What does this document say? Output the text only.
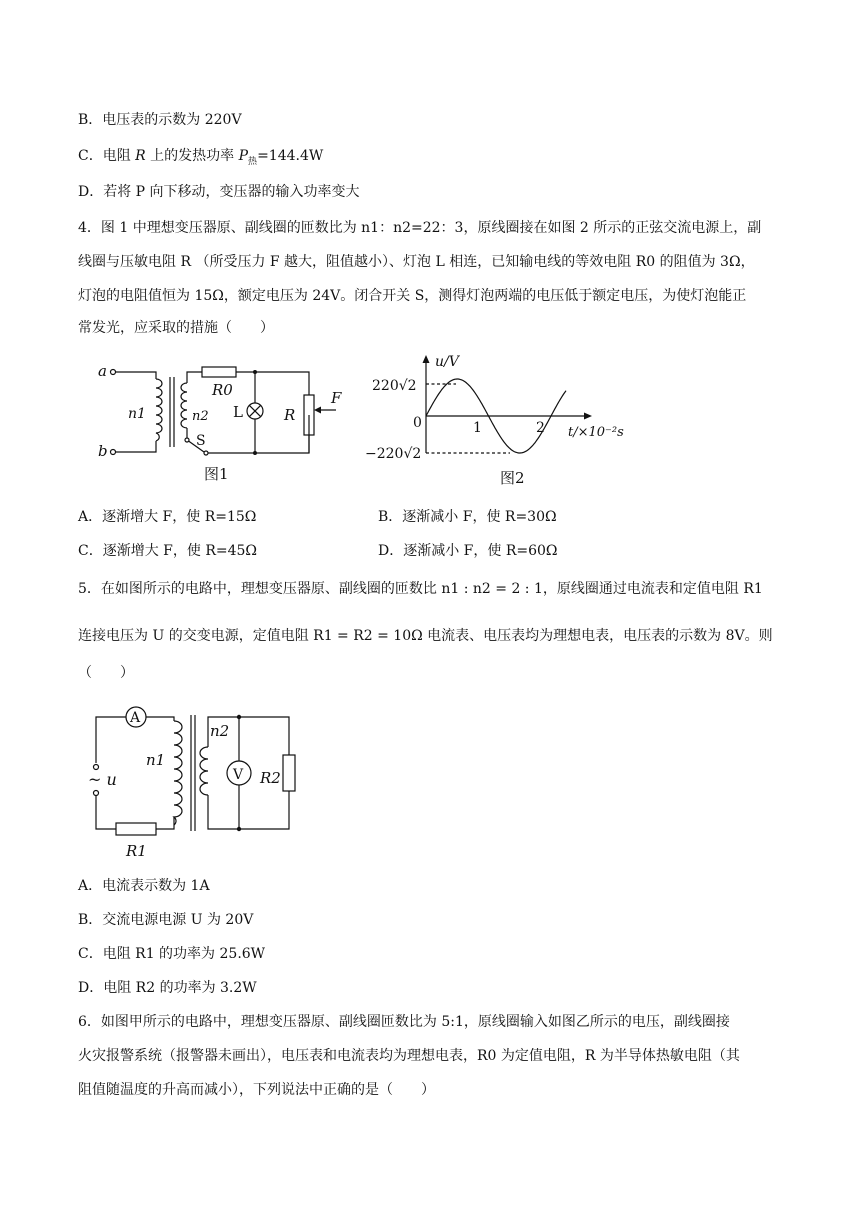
B．电压表的示数为 220V
C．电阻 R 上的发热功率 $P_热=144.4W$
D．若将 P 向下移动，变压器的输入功率变大
4．图 1 中理想变压器原、副线圈的匝数比为 n1：n2=22：3，原线圈接在如图 2 所示的正弦交流电源上，副
线圈与压敏电阻 R （所受压力 F 越大，阻值越小）、灯泡 L 相连，已知输电线的等效电阻 R0 的阻值为 3Ω，
灯泡的电阻值恒为 15Ω，额定电压为 24V。闭合开关 S，测得灯泡两端的电压低于额定电压，为使灯泡能正
常发光，应采取的措施（　　）
a
b
n1	n2
R0
L	R
F
S
图1
u/V
220√2
−220√2
0	1	2 t/×10⁻²s
图2
A．逐渐增大 F，使 R=15Ω	B．逐渐减小 F，使 R=30Ω
C．逐渐增大 F，使 R=45Ω	D．逐渐减小 F，使 R=60Ω
5．在如图所示的电路中，理想变压器原、副线圈的匝数比 n1 : n2 = 2 : 1，原线圈通过电流表和定值电阻 R1
连接电压为 U 的交变电源，定值电阻 R1 = R2 = 10Ω 电流表、电压表均为理想电表，电压表的示数为 8V。则
（　　）
A
V
n1
n2
~ u
R1
R2
A．电流表示数为 1A
B．交流电源电源 U 为 20V
C．电阻 R1 的功率为 25.6W
D．电阻 R2 的功率为 3.2W
6．如图甲所示的电路中，理想变压器原、副线圈匝数比为 5:1，原线圈输入如图乙所示的电压，副线圈接
火灾报警系统（报警器未画出），电压表和电流表均为理想电表，R0 为定值电阻，R 为半导体热敏电阻（其
阻值随温度的升高而减小），下列说法中正确的是（　　）
